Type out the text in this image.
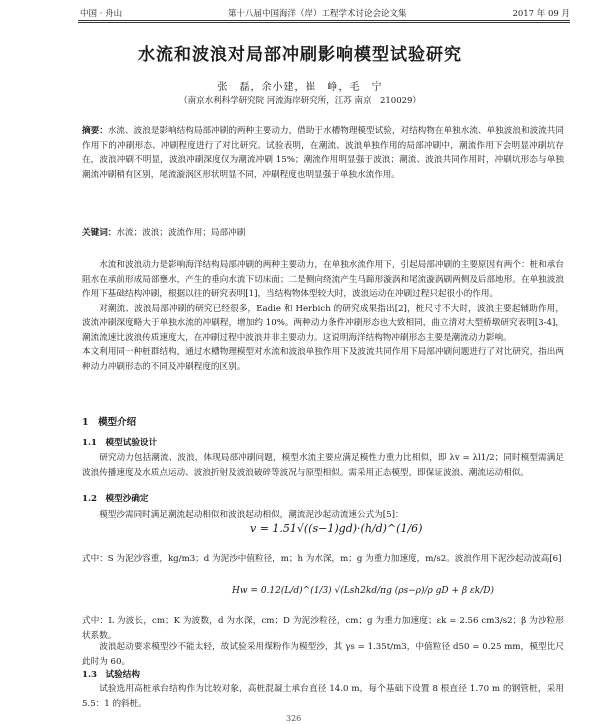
中国 · 舟山	第十八届中国海洋（岸）工程学术讨论会论文集	2017 年 09 月
水流和波浪对局部冲刷影响模型试验研究
张　磊，余小建，崔　峥，毛　宁
（南京水利科学研究院 河流海岸研究所，江苏 南京　210029）

摘要：水流、波浪是影响结构局部冲刷的两种主要动力，借助于水槽物理模型试验，对结构物在单独水流、单独波浪和波流共同作用下的冲刷形态、冲刷程度进行了对比研究。试验表明，在潮流、波浪单独作用的局部冲刷中，潮流作用下会明显冲刷坑存在，波浪冲刷不明显，波浪冲刷深度仅为潮流冲刷 15%；潮流作用明显强于波浪；潮流、波浪共同作用时，冲刷坑形态与单独潮流冲刷稍有区别，尾流漩涡区形状明显不同，冲刷程度也明显强于单独水流作用。

关键词：水流；波浪；波流作用；局部冲刷

水流和波浪动力是影响海洋结构局部冲刷的两种主要动力，在单独水流作用下，引起局部冲刷的主要原因有两个：桩和承台阻水在承前形成局部壅水，产生的垂向水流下切床面；二是侧向绕流产生马蹄形漩涡和尾流漩涡刷两侧及后部地形。在单独波浪作用下基础结构冲刷，根据以往的研究表明[1]，当结构物体型较大时，波浪运动在冲刷过程只起很小的作用。

对潮流、波浪局部冲刷的研究已经很多，Eadie 和 Herbich 的研究成果指出[2]，桩尺寸不大时，波浪主要起辅助作用，波流冲刷深度略大于单独水流的冲刷程，增加约 10%。两种动力条件冲刷形态也大致相同，曲立清对大型桥墩研究表明[3-4]，潮流流速比波浪传质速度大，在冲刷过程中波浪并非主要动力。这说明海洋结构物冲刷形态主要是潮流动力影响。

本文利用同一种桩群结构，通过水槽物理模型对水流和波浪单独作用下及波流共同作用下局部冲刷问题进行了对比研究，指出两种动力冲刷形态的不同及冲刷程度的区别。

1　模型介绍
1.1　模型试验设计

研究动力包括潮流、波浪，体现局部冲刷问题，模型水流主要应满足模性力重力比相似，即 λv = λl1/2；同时模型需满足波浪传播速度及水质点运动、波浪折射及波浪破碎等波况与原型相似。需采用正态模型，即保证波浪、潮流运动相似。

1.2　模型沙确定

模型沙需同时满足潮流起动相似和波浪起动相似，潮流泥沙起动流速公式为[5]：

v = 1.51√((s−1)gd)·(h/d)^(1/6)

式中：S 为泥沙容重，kg/m3；d 为泥沙中值粒径，m；h 为水深，m；g 为重力加速度，m/s2。波浪作用下泥沙起动波高[6]

Hw = 0.12(L/d)^(1/3) √(Lsh2kd/πg (ρs−ρ)/ρ gD + β εk/D)

式中：L 为波长，cm；K 为波数，d 为水深，cm；D 为泥沙粒径，cm；g 为重力加速度；εk = 2.56 cm3/s2；β 为沙粒形状系数。

波浪起动要求模型沙不能太轻，故试验采用煤粉作为模型沙，其 γs = 1.35t/m3，中值粒径 d50 = 0.25 mm，模型比尺此时为 60。

1.3　试验结构

试验选用高桩承台结构作为比较对象，高桩混凝土承台直径 14.0 m，每个基础下设置 8 根直径 1.70 m 的钢管桩，采用 5.5：1 的斜桩。

326
